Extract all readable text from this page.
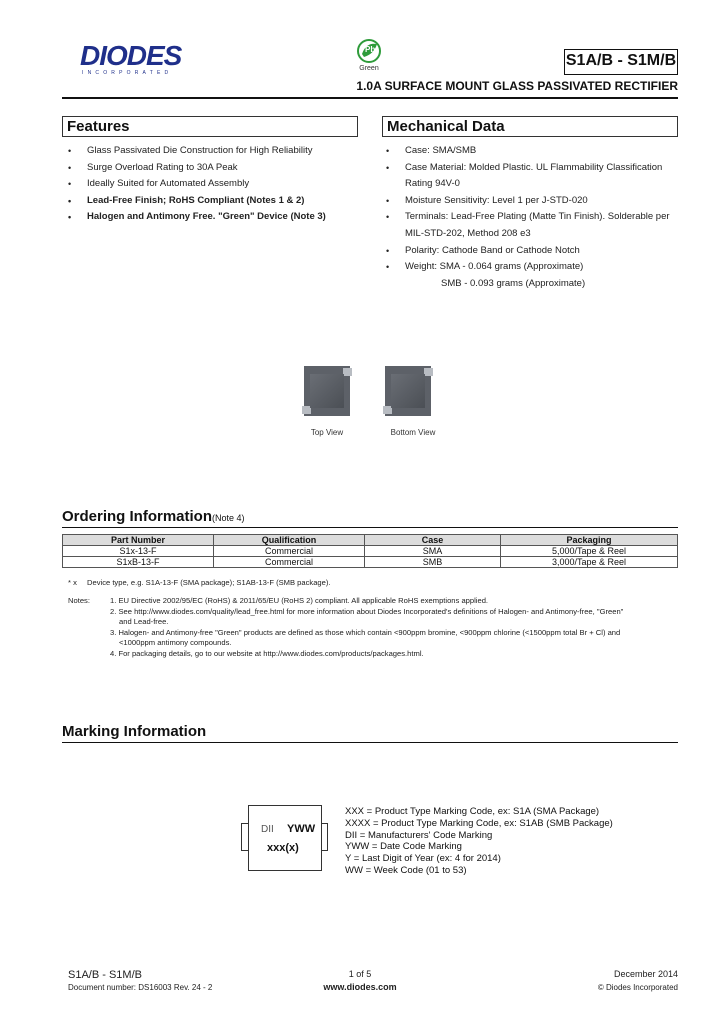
DIODES
INCORPORATED
Pb
Green	S1A/B - S1M/B
1.0A SURFACE MOUNT GLASS PASSIVATED RECTIFIER
Features
• Glass Passivated Die Construction for High Reliability
• Surge Overload Rating to 30A Peak
• Ideally Suited for Automated Assembly
• Lead-Free Finish; RoHS Compliant (Notes 1 & 2)
• Halogen and Antimony Free. "Green" Device (Note 3)
Mechanical Data
• Case: SMA/SMB
• Case Material: Molded Plastic. UL Flammability Classification
Rating 94V-0
• Moisture Sensitivity: Level 1 per J-STD-020
• Terminals: Lead-Free Plating (Matte Tin Finish). Solderable per
MIL-STD-202, Method 208 e3
• Polarity: Cathode Band or Cathode Notch
• Weight: SMA - 0.064 grams (Approximate)
SMB - 0.093 grams (Approximate)
Top View	Bottom View
Ordering Information(Note 4)
Part Number	Qualification	Case	Packaging
S1x-13-F	Commercial	SMA	5,000/Tape & Reel
S1xB-13-F	Commercial	SMB	3,000/Tape & Reel
* x Device type, e.g. S1A-13-F (SMA package); S1AB-13-F (SMB package).
Notes:	1. EU Directive 2002/95/EC (RoHS) & 2011/65/EU (RoHS 2) compliant. All applicable RoHS exemptions applied.
2. See http://www.diodes.com/quality/lead_free.html for more information about Diodes Incorporated's definitions of Halogen- and Antimony-free, "Green"
and Lead-free.
3. Halogen- and Antimony-free "Green" products are defined as those which contain <900ppm bromine, <900ppm chlorine (<1500ppm total Br + Cl) and
<1000ppm antimony compounds.
4. For packaging details, go to our website at http://www.diodes.com/products/packages.html.
Marking Information
DII YWW
xxx(x)
XXX = Product Type Marking Code, ex: S1A (SMA Package)
XXXX = Product Type Marking Code, ex: S1AB (SMB Package)
DII = Manufacturers' Code Marking
YWW = Date Code Marking
Y = Last Digit of Year (ex: 4 for 2014)
WW = Week Code (01 to 53)
S1A/B - S1M/B
Document number: DS16003 Rev. 24 - 2
1 of 5
www.diodes.com
December 2014
© Diodes Incorporated
